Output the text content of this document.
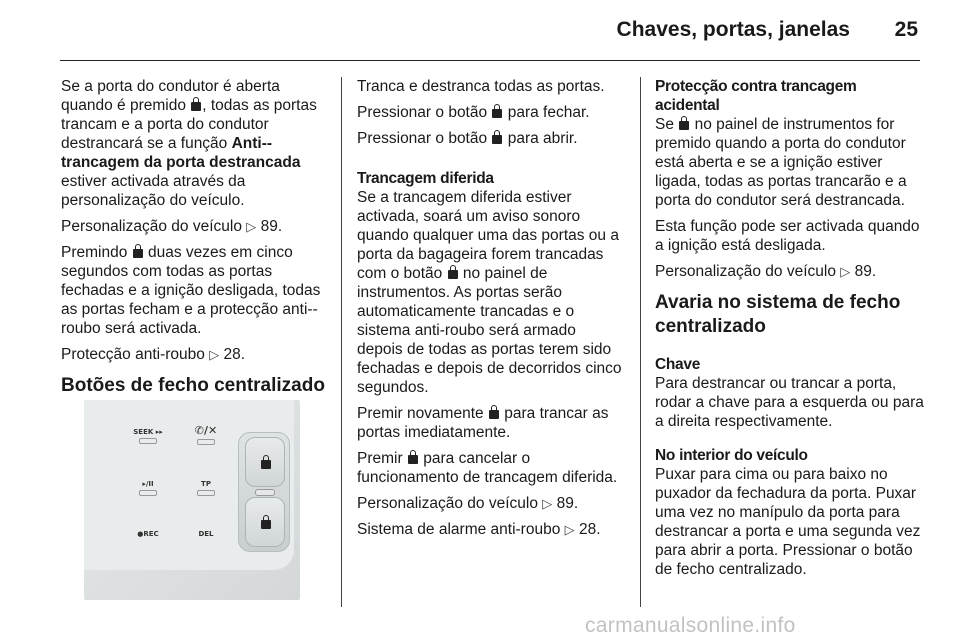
Chaves, portas, janelas 25

Se a porta do condutor é aberta quando é premido , todas as portas trancam e a porta do condutor destrancará se a função Anti--trancagem da porta destrancada estiver activada através da personalização do veículo.

Personalização do veículo ▷ 89.

Premindo  duas vezes em cinco segundos com todas as portas fechadas e a ignição desligada, todas as portas fecham e a protecção anti--roubo será activada.

Protecção anti-roubo ▷ 28.

Botões de fecho centralizado
SEEK ▸▸	✆/✕
▸/II	TP
●REC	DEL

Tranca e destranca todas as portas.

Pressionar o botão  para fechar.

Pressionar o botão  para abrir.

Trancagem diferida

Se a trancagem diferida estiver activada, soará um aviso sonoro quando qualquer uma das portas ou a porta da bagageira forem trancadas com o botão  no painel de instrumentos. As portas serão automaticamente trancadas e o sistema anti-roubo será armado depois de todas as portas terem sido fechadas e depois de decorridos cinco segundos.

Premir novamente  para trancar as portas imediatamente.

Premir  para cancelar o funcionamento de trancagem diferida.

Personalização do veículo ▷ 89.

Sistema de alarme anti-roubo ▷ 28.

Protecção contra trancagem acidental

Se  no painel de instrumentos for premido quando a porta do condutor está aberta e se a ignição estiver ligada, todas as portas trancarão e a porta do condutor será destrancada.

Esta função pode ser activada quando a ignição está desligada.

Personalização do veículo ▷ 89.

Avaria no sistema de fecho centralizado
Chave

Para destrancar ou trancar a porta, rodar a chave para a esquerda ou para a direita respectivamente.

No interior do veículo

Puxar para cima ou para baixo no puxador da fechadura da porta. Puxar uma vez no manípulo da porta para destrancar a porta e uma segunda vez para abrir a porta. Pressionar o botão de fecho centralizado.

carmanualsonline.info
